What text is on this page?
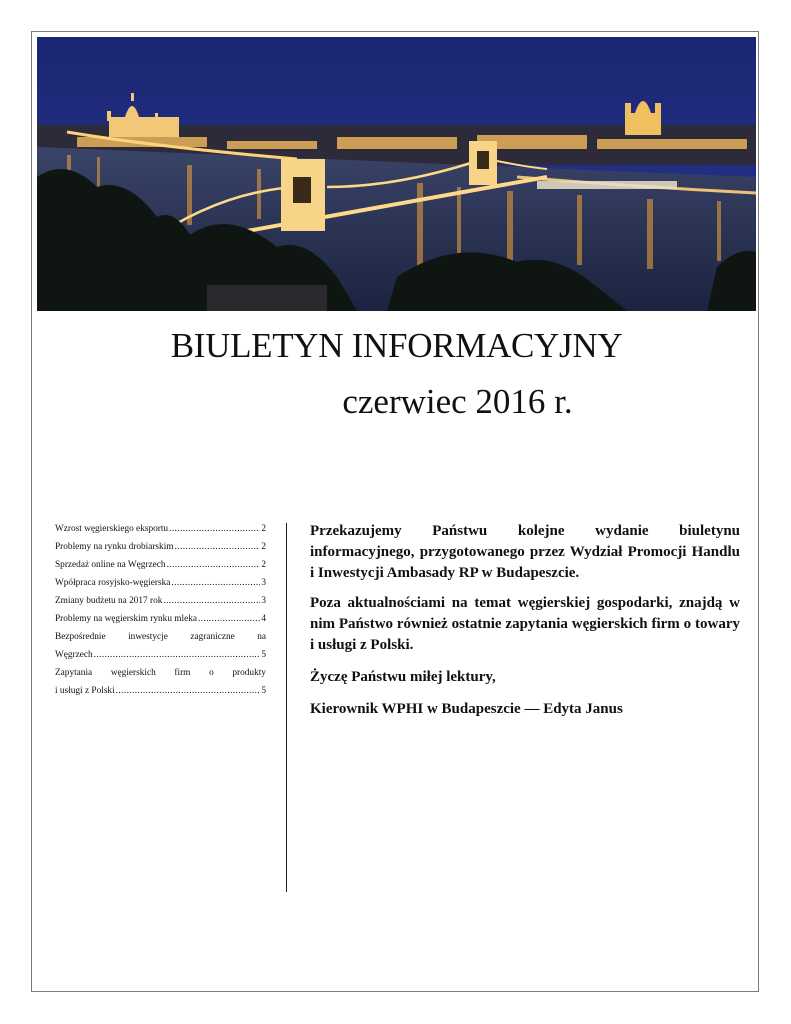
BIULETYN INFORMACYJNY
czerwiec 2016 r.
Wzrost węgierskiego eksportu .....	2
Problemy na rynku drobiarskim .....	2
Sprzedaż online na Węgrzech .....	2
Wpółpraca rosyjsko-węgierska .....	3
Zmiany budżetu na 2017 rok .....	3
Problemy na węgierskim rynku mleka .....	4
Bezpośrednie inwestycje zagraniczne na
Węgrzech .....	5
Zapytania węgierskich firm o produkty
i usługi z Polski .....	5

Przekazujemy Państwu kolejne wydanie biuletynu informacyjnego, przygotowanego przez Wydział Promocji Handlu i Inwestycji Ambasady RP w Budapeszcie.

Poza aktualnościami na temat węgierskiej gospodarki, znajdą w nim Państwo również ostatnie zapytania węgierskich firm o towary i usługi z Polski.

Życzę Państwu miłej lektury,

Kierownik WPHI w Budapeszcie — Edyta Janus
